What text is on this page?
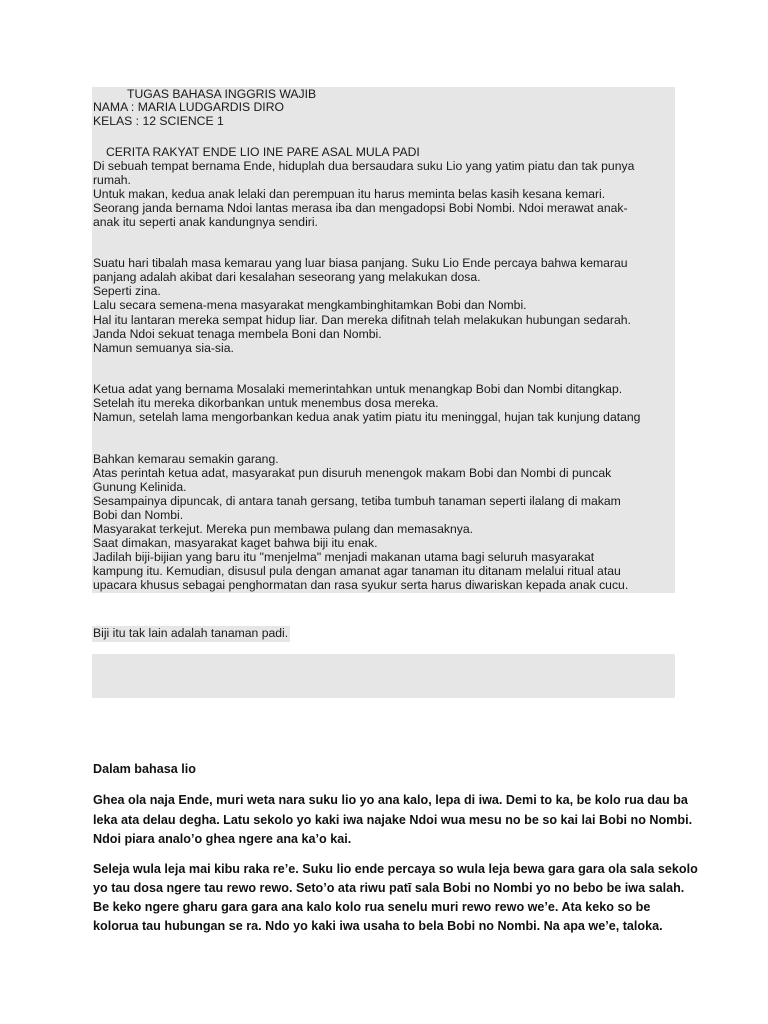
TUGAS BAHASA INGGRIS WAJIB
NAMA : MARIA LUDGARDIS DIRO
KELAS : 12 SCIENCE 1
CERITA RAKYAT ENDE LIO INE PARE ASAL MULA PADI
Di sebuah tempat bernama Ende, hiduplah dua bersaudara suku Lio yang yatim piatu dan tak punya
rumah.
Untuk makan, kedua anak lelaki dan perempuan itu harus meminta belas kasih kesana kemari.
Seorang janda bernama Ndoi lantas merasa iba dan mengadopsi Bobi Nombi. Ndoi merawat anak-
anak itu seperti anak kandungnya sendiri.
Suatu hari tibalah masa kemarau yang luar biasa panjang. Suku Lio Ende percaya bahwa kemarau
panjang adalah akibat dari kesalahan seseorang yang melakukan dosa.
Seperti zina.
Lalu secara semena-mena masyarakat mengkambinghitamkan Bobi dan Nombi.
Hal itu lantaran mereka sempat hidup liar. Dan mereka difitnah telah melakukan hubungan sedarah.
Janda Ndoi sekuat tenaga membela Boni dan Nombi.
Namun semuanya sia-sia.
Ketua adat yang bernama Mosalaki memerintahkan untuk menangkap Bobi dan Nombi ditangkap.
Setelah itu mereka dikorbankan untuk menembus dosa mereka.
Namun, setelah lama mengorbankan kedua anak yatim piatu itu meninggal, hujan tak kunjung datang
Bahkan kemarau semakin garang.
Atas perintah ketua adat, masyarakat pun disuruh menengok makam Bobi dan Nombi di puncak
Gunung Kelinida.
Sesampainya dipuncak, di antara tanah gersang, tetiba tumbuh tanaman seperti ilalang di makam
Bobi dan Nombi.
Masyarakat terkejut. Mereka pun membawa pulang dan memasaknya.
Saat dimakan, masyarakat kaget bahwa biji itu enak.
Jadilah biji-bijian yang baru itu "menjelma" menjadi makanan utama bagi seluruh masyarakat
kampung itu. Kemudian, disusul pula dengan amanat agar tanaman itu ditanam melalui ritual atau
upacara khusus sebagai penghormatan dan rasa syukur serta harus diwariskan kepada anak cucu.
Biji itu tak lain adalah tanaman padi.
Dalam bahasa lio
Ghea ola naja Ende, muri weta nara suku lio yo ana kalo, lepa di iwa. Demi to ka, be kolo rua dau ba
leka ata delau degha. Latu sekolo yo kaki iwa najake Ndoi wua mesu no be so kai lai Bobi no Nombi.
Ndoi piara analo’o ghea ngere ana ka’o kai.
Seleja wula leja mai kibu raka re’e. Suku lio ende percaya so wula leja bewa gara gara ola sala sekolo
yo tau dosa ngere tau rewo rewo. Seto’o ata riwu patī sala Bobi no Nombi yo no bebo be iwa salah.
Be keko ngere gharu gara gara ana kalo kolo rua senelu muri rewo rewo we’e. Ata keko so be
kolorua tau hubungan se ra. Ndo yo kaki iwa usaha to bela Bobi no Nombi. Na apa we’e, taloka.
